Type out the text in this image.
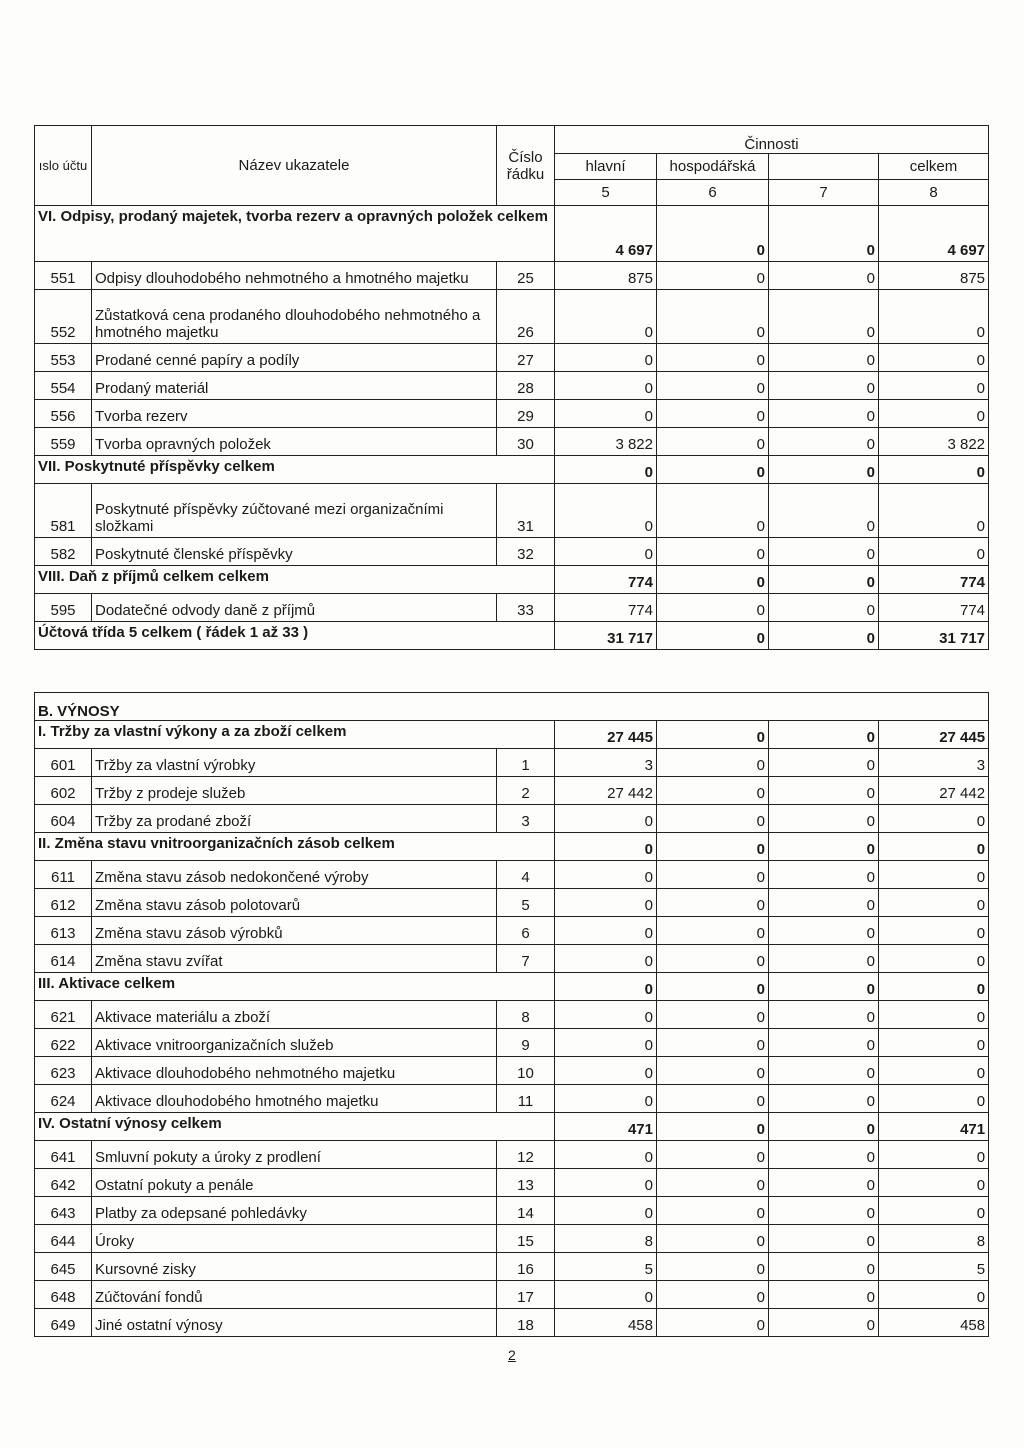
ıslo účtu	Název ukazatele	Číslo řádku	Činnosti			
			hlavní	hospodářská		celkem
			5	6	7	8
VI. Odpisy, prodaný majetek, tvorba rezerv a opravných položek celkem			4 697	0	0	4 697
551	Odpisy dlouhodobého nehmotného a hmotného majetku	25	875	0	0	875
552	Zůstatková cena prodaného dlouhodobého nehmotného a hmotného majetku	26	0	0	0	0
553	Prodané cenné papíry a podíly	27	0	0	0	0
554	Prodaný materiál	28	0	0	0	0
556	Tvorba rezerv	29	0	0	0	0
559	Tvorba opravných položek	30	3 822	0	0	3 822
VII. Poskytnuté příspěvky celkem			0	0	0	0
581	Poskytnuté příspěvky zúčtované mezi organizačními složkami	31	0	0	0	0
582	Poskytnuté členské příspěvky	32	0	0	0	0
VIII. Daň z příjmů celkem celkem			774	0	0	774
595	Dodatečné odvody daně z příjmů	33	774	0	0	774
Účtová třída 5 celkem ( řádek 1 až 33 )			31 717	0	0	31 717
B. VÝNOSY						
I. Tržby za vlastní výkony a za zboží celkem			27 445	0	0	27 445
601	Tržby za vlastní výrobky	1	3	0	0	3
602	Tržby z prodeje služeb	2	27 442	0	0	27 442
604	Tržby za prodané zboží	3	0	0	0	0
II. Změna stavu vnitroorganizačních zásob celkem			0	0	0	0
611	Změna stavu zásob nedokončené výroby	4	0	0	0	0
612	Změna stavu zásob polotovarů	5	0	0	0	0
613	Změna stavu zásob výrobků	6	0	0	0	0
614	Změna stavu zvířat	7	0	0	0	0
III. Aktivace celkem			0	0	0	0
621	Aktivace materiálu a zboží	8	0	0	0	0
622	Aktivace vnitroorganizačních služeb	9	0	0	0	0
623	Aktivace dlouhodobého nehmotného majetku	10	0	0	0	0
624	Aktivace dlouhodobého hmotného majetku	11	0	0	0	0
IV. Ostatní výnosy celkem			471	0	0	471
641	Smluvní pokuty a úroky z prodlení	12	0	0	0	0
642	Ostatní pokuty a penále	13	0	0	0	0
643	Platby za odepsané pohledávky	14	0	0	0	0
644	Úroky	15	8	0	0	8
645	Kursovné zisky	16	5	0	0	5
648	Zúčtování fondů	17	0	0	0	0
649	Jiné ostatní výnosy	18	458	0	0	458
2
